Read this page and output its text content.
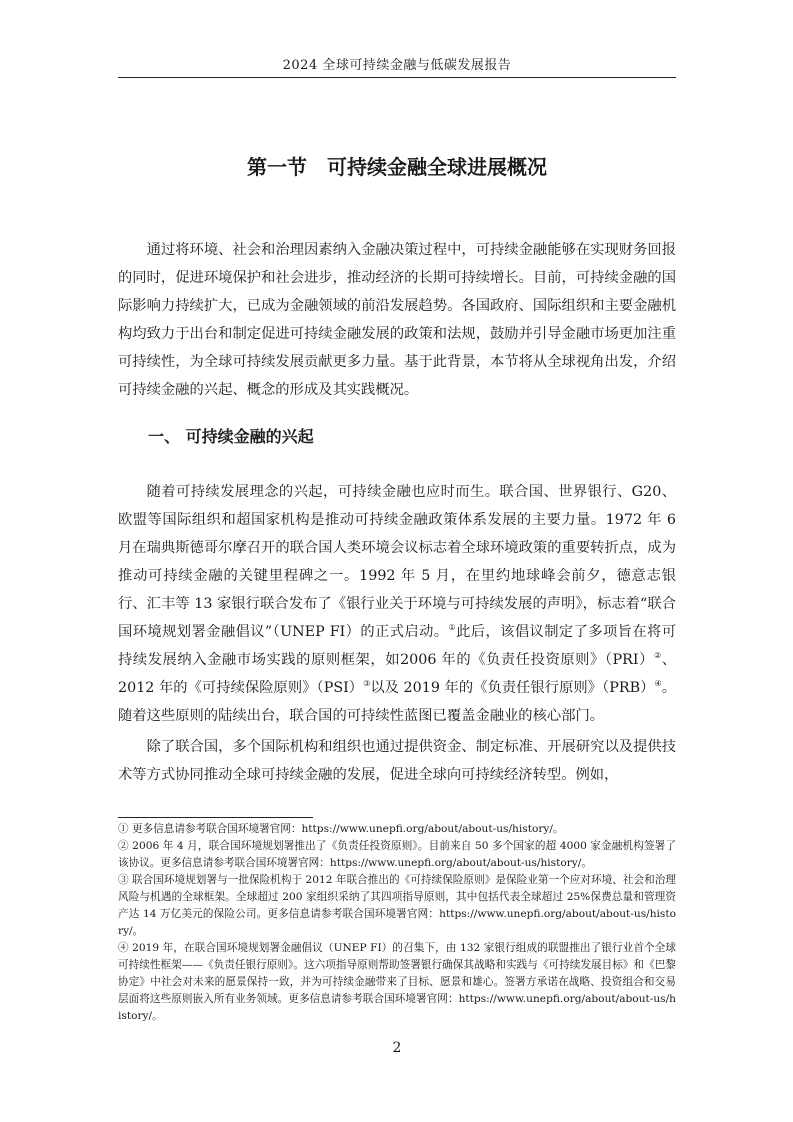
2024 全球可持续金融与低碳发展报告
第一节　可持续金融全球进展概况

通过将环境、社会和治理因素纳入金融决策过程中，可持续金融能够在实现财务回报的同时，促进环境保护和社会进步，推动经济的长期可持续增长。目前，可持续金融的国际影响力持续扩大，已成为金融领域的前沿发展趋势。各国政府、国际组织和主要金融机构均致力于出台和制定促进可持续金融发展的政策和法规，鼓励并引导金融市场更加注重可持续性，为全球可持续发展贡献更多力量。基于此背景，本节将从全球视角出发，介绍可持续金融的兴起、概念的形成及其实践概况。

一、 可持续金融的兴起

随着可持续发展理念的兴起，可持续金融也应时而生。联合国、世界银行、G20、欧盟等国际组织和超国家机构是推动可持续金融政策体系发展的主要力量。1972 年 6 月在瑞典斯德哥尔摩召开的联合国人类环境会议标志着全球环境政策的重要转折点，成为推动可持续金融的关键里程碑之一。1992 年 5 月，在里约地球峰会前夕，德意志银行、汇丰等 13 家银行联合发布了《银行业关于环境与可持续发展的声明》，标志着“联合国环境规划署金融倡议”（UNEP FI）的正式启动。①此后，该倡议制定了多项旨在将可持续发展纳入金融市场实践的原则框架，如2006 年的《负责任投资原则》（PRI）②、2012 年的《可持续保险原则》（PSI）③以及 2019 年的《负责任银行原则》（PRB）④。随着这些原则的陆续出台，联合国的可持续性蓝图已覆盖金融业的核心部门。

除了联合国，多个国际机构和组织也通过提供资金、制定标准、开展研究以及提供技术等方式协同推动全球可持续金融的发展，促进全球向可持续经济转型。例如，

① 更多信息请参考联合国环境署官网：https://www.unepfi.org/about/about-us/history/。

② 2006 年 4 月，联合国环境规划署推出了《负责任投资原则》。目前来自 50 多个国家的超 4000 家金融机构签署了该协议。更多信息请参考联合国环境署官网：https://www.unepfi.org/about/about-us/history/。

③ 联合国环境规划署与一批保险机构于 2012 年联合推出的《可持续保险原则》是保险业第一个应对环境、社会和治理风险与机遇的全球框架。全球超过 200 家组织采纳了其四项指导原则，其中包括代表全球超过 25%保费总量和管理资产达 14 万亿美元的保险公司。更多信息请参考联合国环境署官网：https://www.unepfi.org/about/about-us/history/。

④ 2019 年，在联合国环境规划署金融倡议（UNEP FI）的召集下，由 132 家银行组成的联盟推出了银行业首个全球可持续性框架——《负责任银行原则》。这六项指导原则帮助签署银行确保其战略和实践与《可持续发展目标》和《巴黎协定》中社会对未来的愿景保持一致，并为可持续金融带来了目标、愿景和雄心。签署方承诺在战略、投资组合和交易层面将这些原则嵌入所有业务领域。更多信息请参考联合国环境署官网：https://www.unepfi.org/about/about-us/history/。

2
